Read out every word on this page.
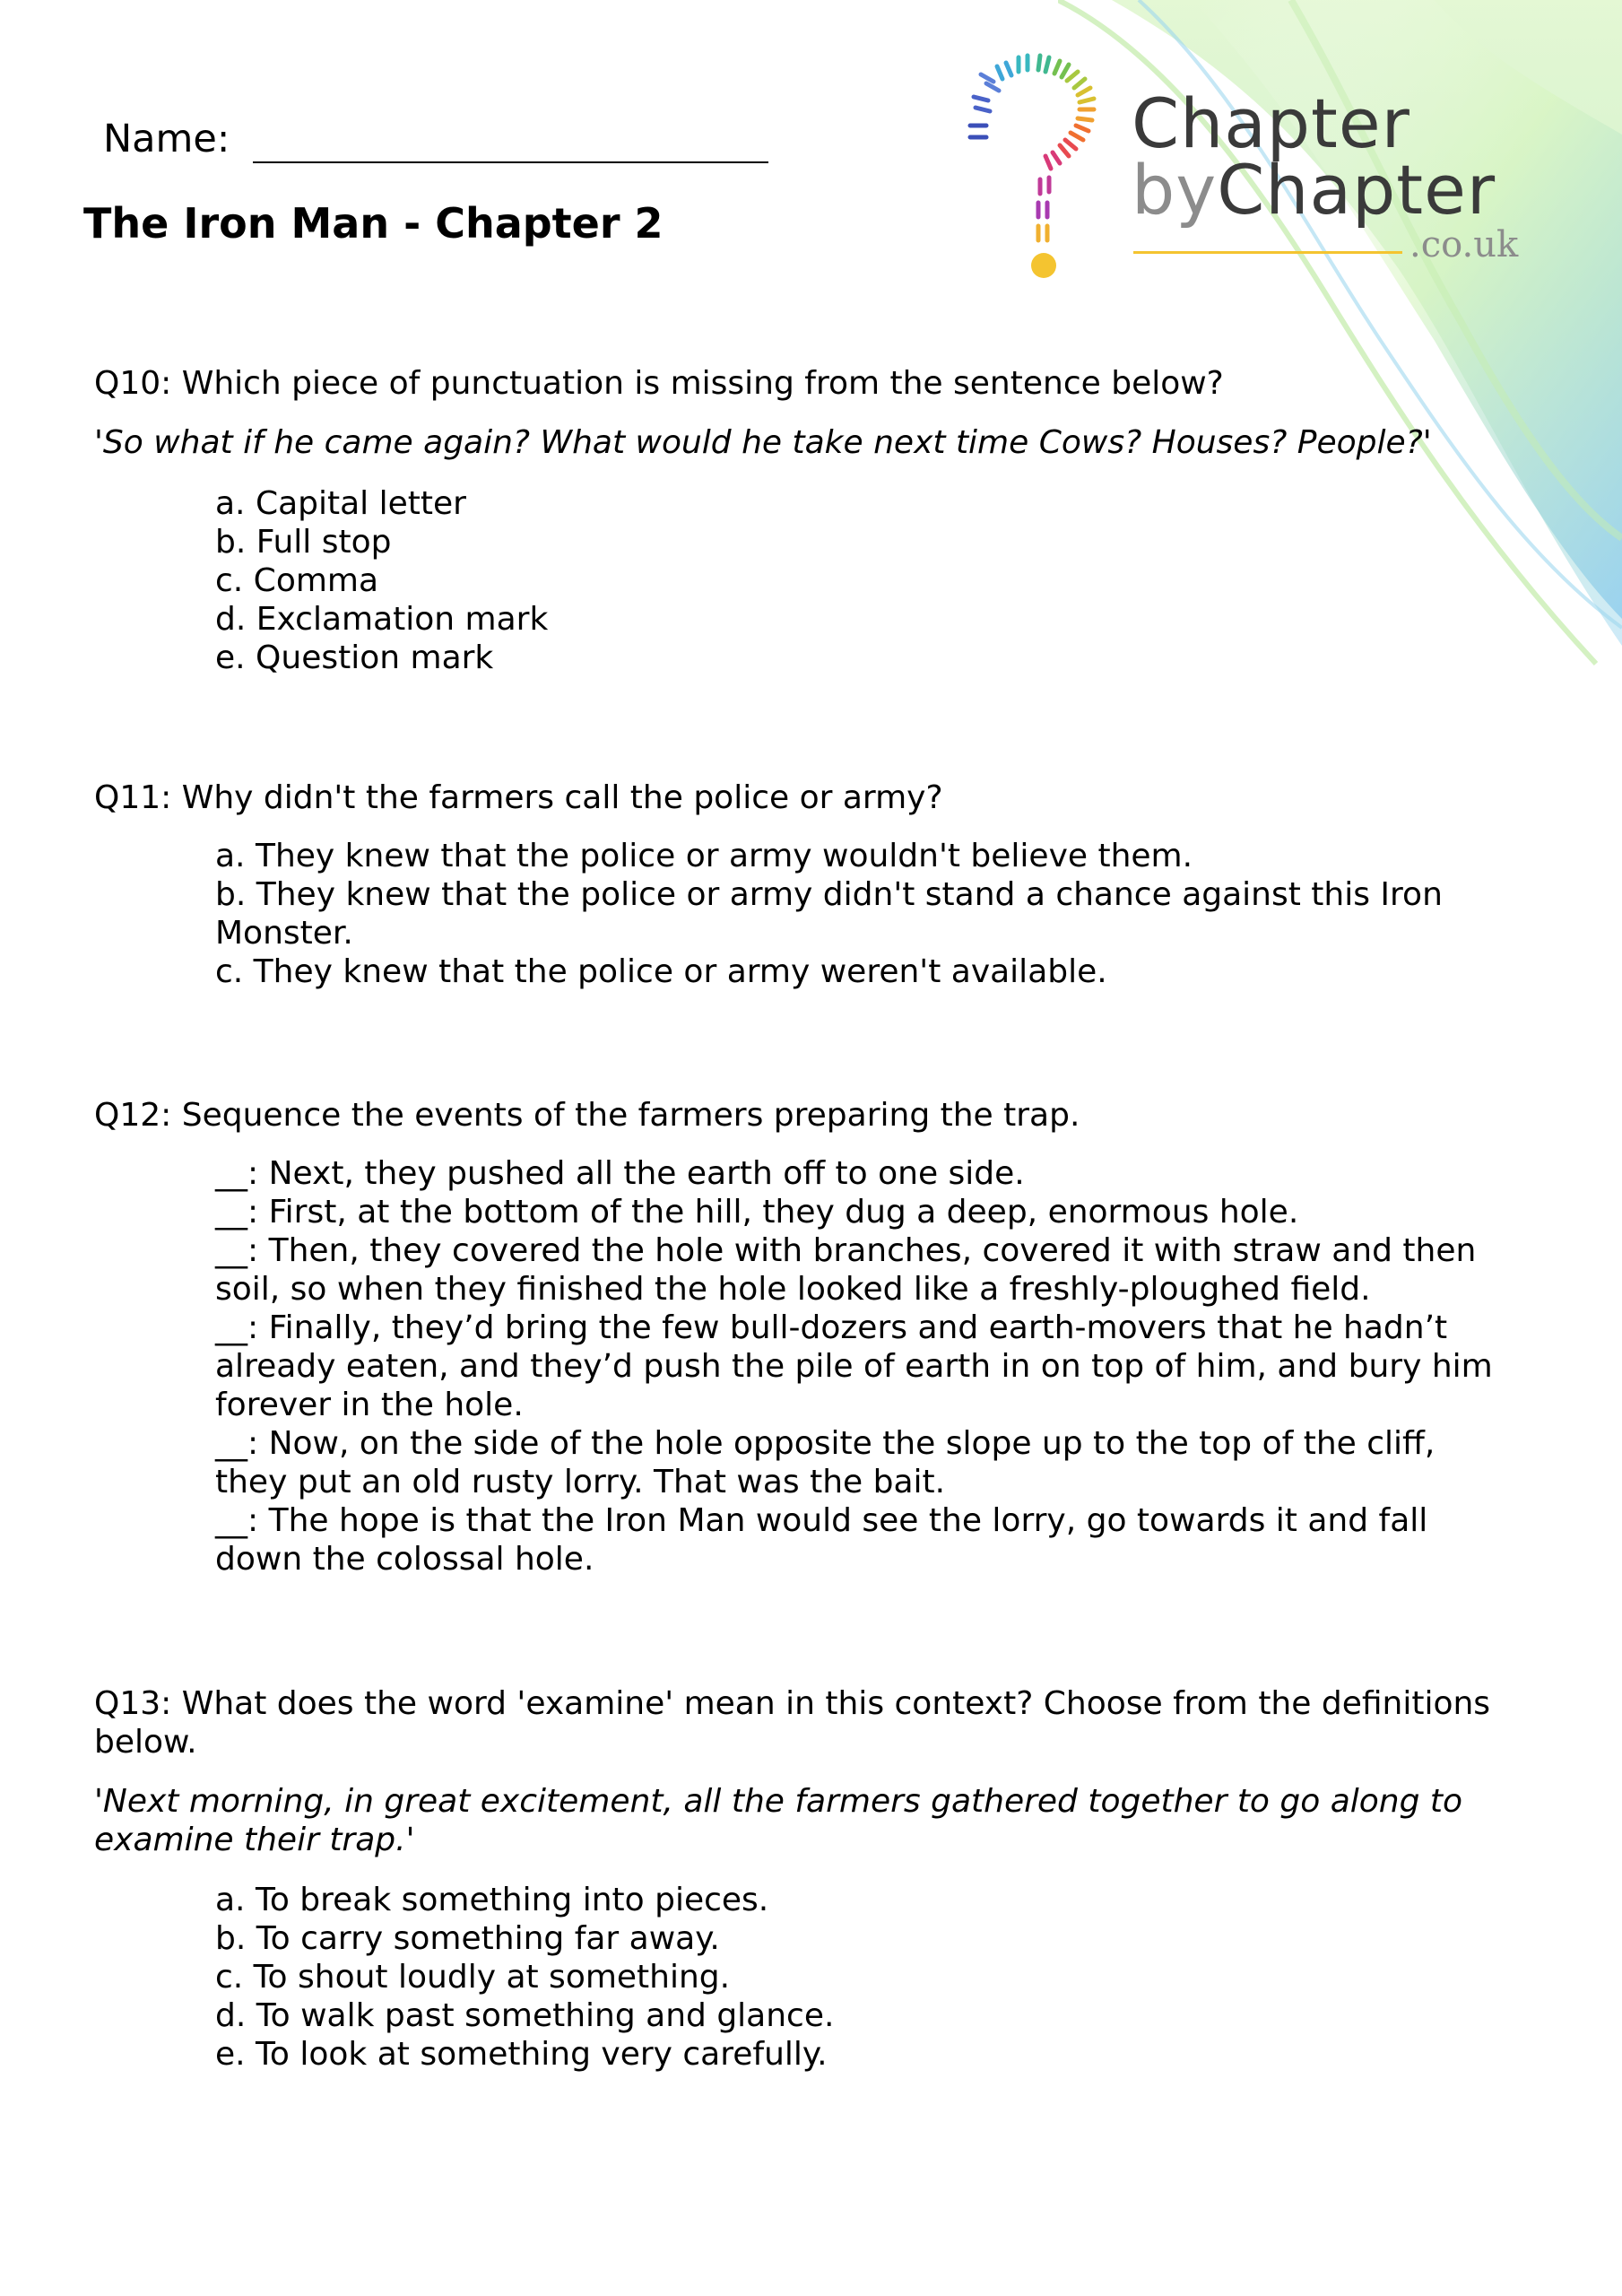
Chapter
byChapter
.co.uk
Name:
The Iron Man - Chapter 2
Q10: Which piece of punctuation is missing from the sentence below?
'So what if he came again? What would he take next time Cows? Houses? People?'
a. Capital letter
b. Full stop
c. Comma
d. Exclamation mark
e. Question mark
Q11: Why didn't the farmers call the police or army?
a. They knew that the police or army wouldn't believe them.
b. They knew that the police or army didn't stand a chance against this Iron Monster.
c. They knew that the police or army weren't available.
Q12: Sequence the events of the farmers preparing the trap.
__: Next, they pushed all the earth off to one side.
__: First, at the bottom of the hill, they dug a deep, enormous hole.
__: Then, they covered the hole with branches, covered it with straw and then soil, so when they finished the hole looked like a freshly-ploughed field.
__: Finally, they’d bring the few bull-dozers and earth-movers that he hadn’t already eaten, and they’d push the pile of earth in on top of him, and bury him forever in the hole.
__: Now, on the side of the hole opposite the slope up to the top of the cliff, they put an old rusty lorry. That was the bait.
__: The hope is that the Iron Man would see the lorry, go towards it and fall down the colossal hole.
Q13: What does the word 'examine' mean in this context? Choose from the definitions below.
'Next morning, in great excitement, all the farmers gathered together to go along to examine their trap.'
a. To break something into pieces.
b. To carry something far away.
c. To shout loudly at something.
d. To walk past something and glance.
e. To look at something very carefully.
